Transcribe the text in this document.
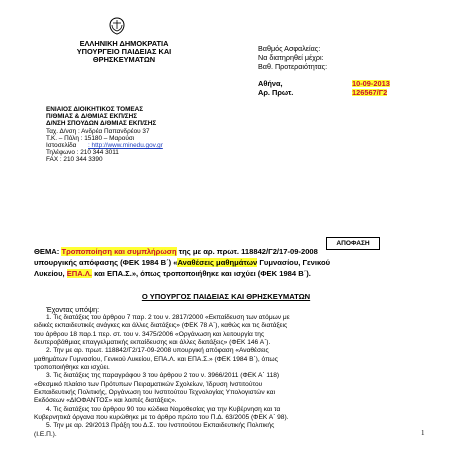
ΕΛΛΗΝΙΚΗ ΔΗΜΟΚΡΑΤΙΑ
ΥΠΟΥΡΓΕΙΟ ΠΑΙΔΕΙΑΣ ΚΑΙ
ΘΡΗΣΚΕΥΜΑΤΩΝ
Βαθμός Ασφαλείας:
Να διατηρηθεί μέχρι:
Βαθ. Προτεραιότητας:
Αθήνα,	10-09-2013
Αρ. Πρωτ.	126567/Γ2
ΕΝΙΑΙΟΣ ΔΙΟΙΚΗΤΙΚΟΣ ΤΟΜΕΑΣ
Π/ΘΜΙΑΣ & Δ/ΘΜΙΑΣ ΕΚΠ/ΣΗΣ
Δ/ΝΣΗ ΣΠΟΥΔΩΝ Δ/ΘΜΙΑΣ ΕΚΠ/ΣΗΣ
Ταχ. Δ/νση : Ανδρέα Παπανδρέου 37
Τ.Κ. – Πόλη : 15180 – Μαρούσι
Ιστοσελίδα : http://www.minedu.gov.gr
Τηλέφωνο : 210 344 3011
FAX : 210 344 3390
ΑΠΟΦΑΣΗ
ΘΕΜΑ: Τροποποίηση και συμπλήρωση της με αρ. πρωτ. 118842/Γ2/17-09-2008
υπουργικής απόφασης (ΦΕΚ 1984 Β΄) «Αναθέσεις μαθημάτων Γυμνασίου, Γενικού
Λυκείου, ΕΠΑ.Λ. και ΕΠΑ.Σ.», όπως τροποποιήθηκε και ισχύει (ΦΕΚ 1984 Β΄).
Ο ΥΠΟΥΡΓΟΣ ΠΑΙΔΕΙΑΣ ΚΑΙ ΘΡΗΣΚΕΥΜΑΤΩΝ
Έχοντας υπόψη:
1. Τις διατάξεις του άρθρου 7 παρ. 2 του ν. 2817/2000 «Εκπαίδευση των ατόμων με
ειδικές εκπαιδευτικές ανάγκες και άλλες διατάξεις» (ΦΕΚ 78 Α΄), καθώς και τις διατάξεις
του άρθρου 18 παρ.1 περ. στ. του ν. 3475/2006 «Οργάνωση και λειτουργία της
δευτεροβάθμιας επαγγελματικής εκπαίδευσης και άλλες διατάξεις» (ΦΕΚ 146 Α΄).
2. Την με αρ. πρωτ. 118842/Γ2/17-09-2008 υπουργική απόφαση «Αναθέσεις
μαθημάτων Γυμνασίου, Γενικού Λυκείου, ΕΠΑ.Λ. και ΕΠΑ.Σ.» (ΦΕΚ 1984 Β΄), όπως
τροποποιήθηκε και ισχύει.
3. Τις διατάξεις της παραγράφου 3 του άρθρου 2 του ν. 3966/2011 (ΦΕΚ Α΄ 118)
«Θεσμικό πλαίσιο των Πρότυπων Πειραματικών Σχολείων, Ίδρυση Ινστιτούτου
Εκπαιδευτικής Πολιτικής, Οργάνωση του Ινστιτούτου Τεχνολογίας Υπολογιστών και
Εκδόσεων «ΔΙΟΦΑΝΤΟΣ» και λοιπές διατάξεις».
4. Τις διατάξεις του άρθρου 90 του κώδικα Νομοθεσίας για την Κυβέρνηση και τα
Κυβερνητικά όργανα που κυρώθηκε με το άρθρο πρώτο του Π.Δ. 63/2005 (ΦΕΚ Α΄ 98).
5. Την με αρ. 29/2013 Πράξη του Δ.Σ. του Ινστιτούτου Εκπαιδευτικής Πολιτικής
(Ι.Ε.Π.).	1
